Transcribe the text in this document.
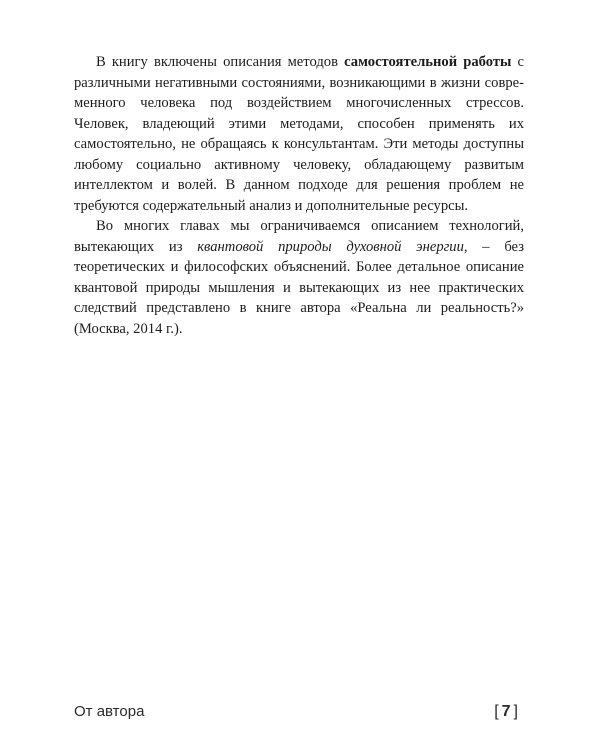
В книгу включены описания методов самостоятельной работы с различными негативными состояниями, возникающими в жизни современного человека под воздействием многочисленных стрессов. Человек, владеющий этими методами, способен применять их самостоятельно, не обращаясь к консультантам. Эти методы доступны любому социально активному человеку, обладающему развитым интеллектом и волей. В данном подходе для решения проблем не требуются содержательный анализ и дополнительные ресурсы.

Во многих главах мы ограничиваемся описанием технологий, вытекающих из квантовой природы духовной энергии, – без теоретических и философских объяснений. Более детальное описание квантовой природы мышления и вытекающих из нее практических следствий представлено в книге автора «Реальна ли реальность?» (Москва, 2014 г.).

От автора	[ 7 ]
